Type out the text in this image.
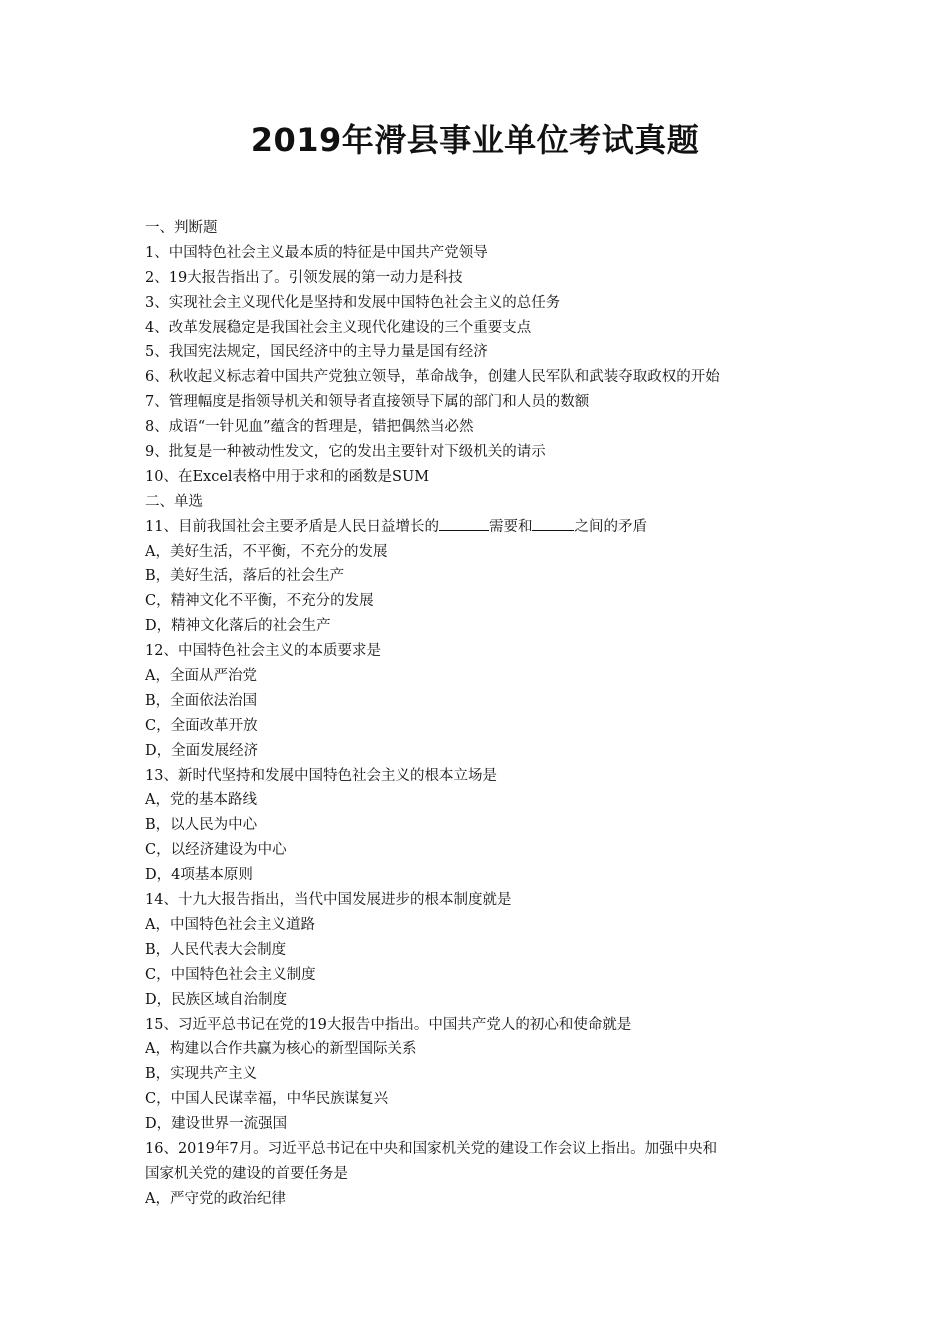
2019年滑县事业单位考试真题
一、判断题
1、中国特色社会主义最本质的特征是中国共产党领导
2、19大报告指出了。引领发展的第一动力是科技
3、实现社会主义现代化是坚持和发展中国特色社会主义的总任务
4、改革发展稳定是我国社会主义现代化建设的三个重要支点
5、我国宪法规定，国民经济中的主导力量是国有经济
6、秋收起义标志着中国共产党独立领导，革命战争，创建人民军队和武装夺取政权的开始
7、管理幅度是指领导机关和领导者直接领导下属的部门和人员的数额
8、成语“一针见血”蕴含的哲理是，错把偶然当必然
9、批复是一种被动性发文，它的发出主要针对下级机关的请示
10、在Excel表格中用于求和的函数是SUM
二、单选
11、目前我国社会主要矛盾是人民日益增长的	需要和	之间的矛盾
A，美好生活，不平衡，不充分的发展
B，美好生活，落后的社会生产
C，精神文化不平衡，不充分的发展
D，精神文化落后的社会生产
12、中国特色社会主义的本质要求是
A，全面从严治党
B，全面依法治国
C，全面改革开放
D，全面发展经济
13、新时代坚持和发展中国特色社会主义的根本立场是
A，党的基本路线
B，以人民为中心
C，以经济建设为中心
D，4项基本原则
14、十九大报告指出，当代中国发展进步的根本制度就是
A，中国特色社会主义道路
B，人民代表大会制度
C，中国特色社会主义制度
D，民族区域自治制度
15、习近平总书记在党的19大报告中指出。中国共产党人的初心和使命就是
A，构建以合作共赢为核心的新型国际关系
B，实现共产主义
C，中国人民谋幸福，中华民族谋复兴
D，建设世界一流强国
16、2019年7月。习近平总书记在中央和国家机关党的建设工作会议上指出。加强中央和
国家机关党的建设的首要任务是
A，严守党的政治纪律
